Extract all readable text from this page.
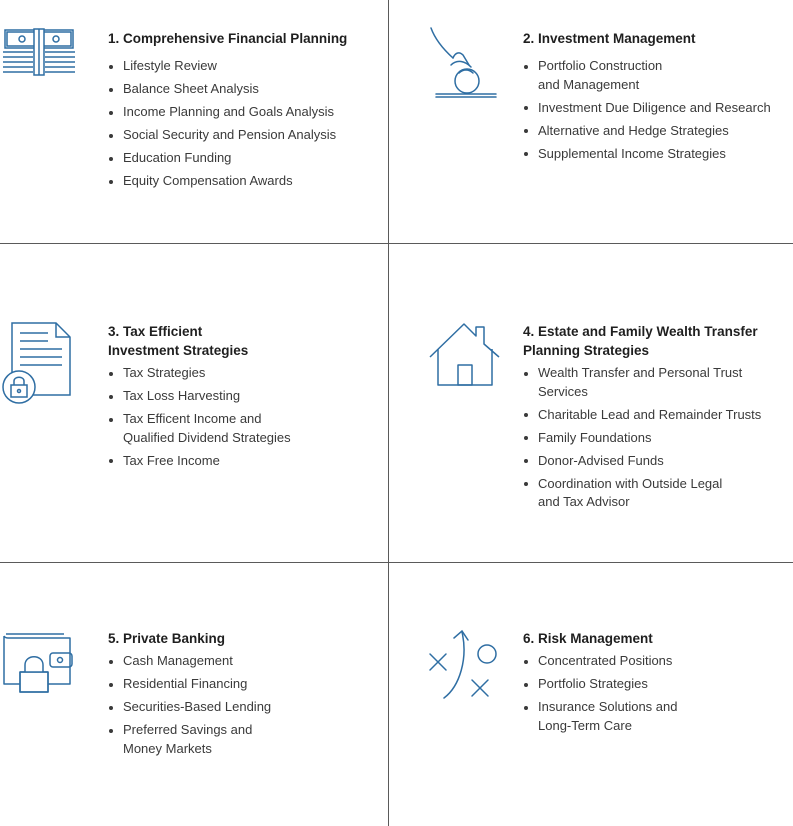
1. Comprehensive Financial Planning
Lifestyle Review
Balance Sheet Analysis
Income Planning and Goals Analysis
Social Security and Pension Analysis
Education Funding
Equity Compensation Awards
2. Investment Management
Portfolio Construction
and Management
Investment Due Diligence and Research
Alternative and Hedge Strategies
Supplemental Income Strategies
3. Tax Efficient
Investment Strategies
Tax Strategies
Tax Loss Harvesting
Tax Efficent Income and
Qualified Dividend Strategies
Tax Free Income
4. Estate and Family Wealth Transfer
Planning Strategies
Wealth Transfer and Personal Trust Services
Charitable Lead and Remainder Trusts
Family Foundations
Donor-Advised Funds
Coordination with Outside Legal
and Tax Advisor
5. Private Banking
Cash Management
Residential Financing
Securities-Based Lending
Preferred Savings and
Money Markets
6. Risk Management
Concentrated Positions
Portfolio Strategies
Insurance Solutions and
Long-Term Care
